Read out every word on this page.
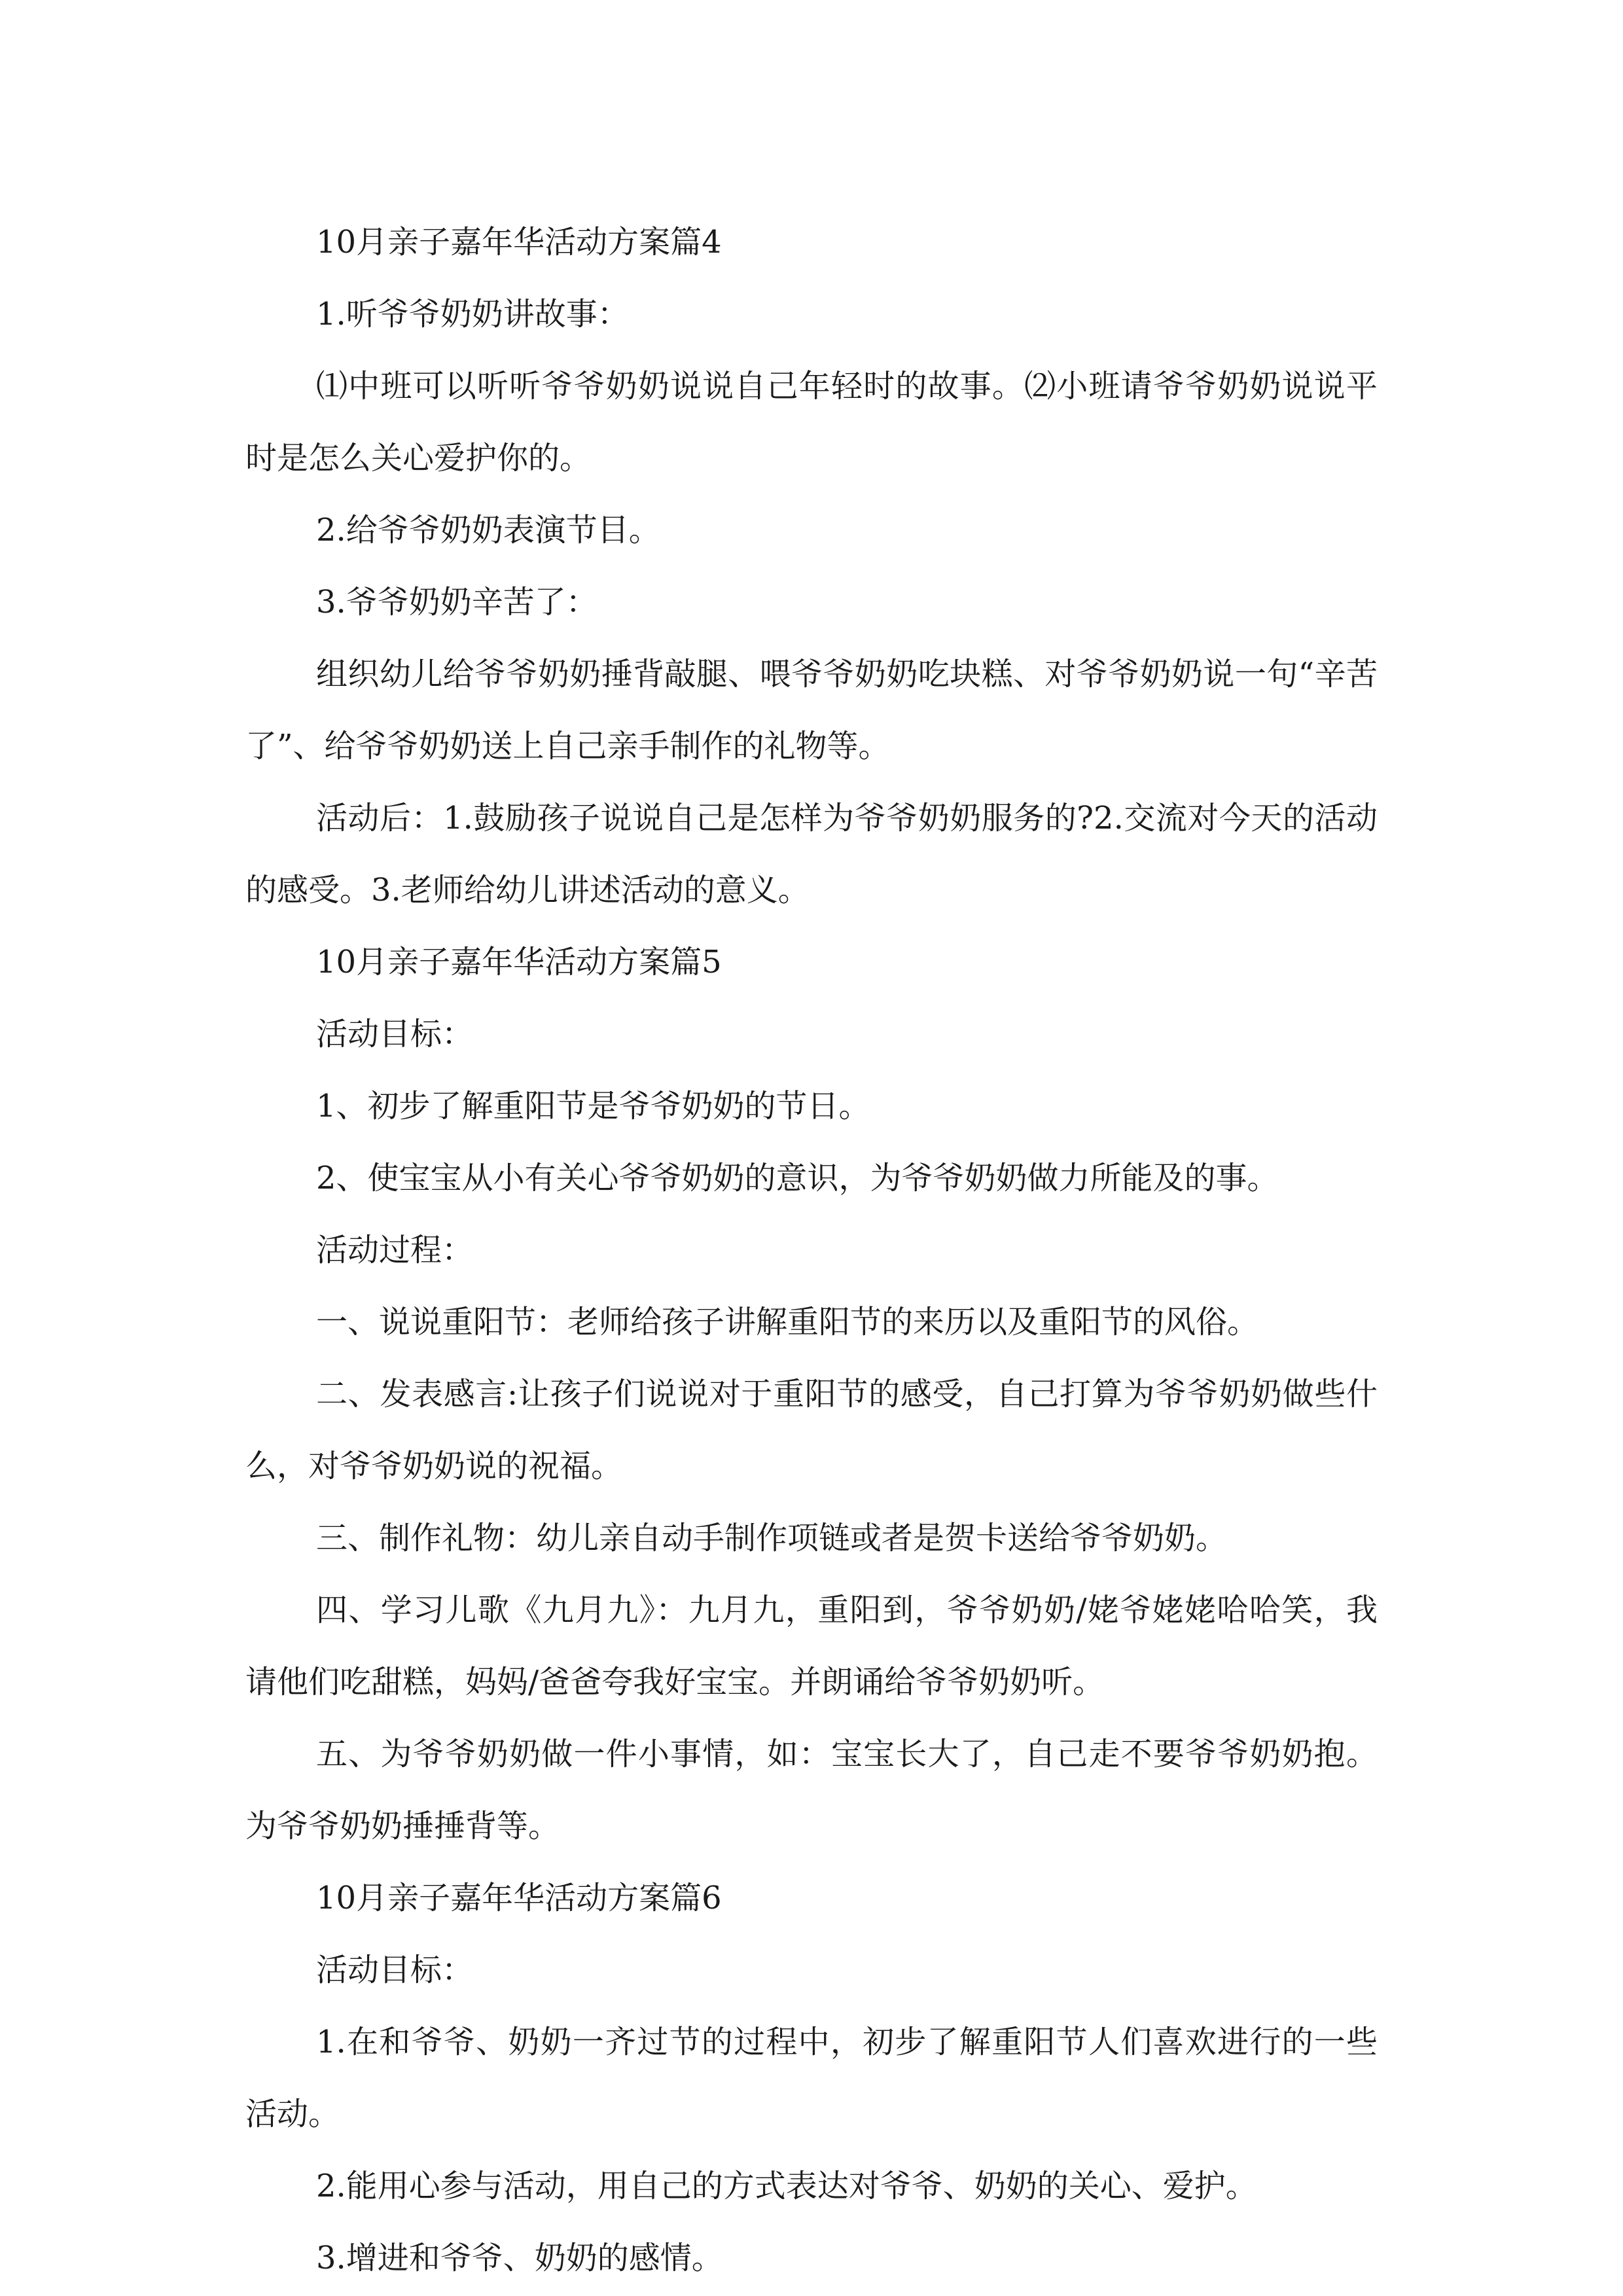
10月亲子嘉年华活动方案篇4

1.听爷爷奶奶讲故事：

⑴中班可以听听爷爷奶奶说说自己年轻时的故事。⑵小班请爷爷奶奶说说平时是怎么关心爱护你的。

2.给爷爷奶奶表演节目。

3.爷爷奶奶辛苦了：

组织幼儿给爷爷奶奶捶背敲腿、喂爷爷奶奶吃块糕、对爷爷奶奶说一句“辛苦了”、给爷爷奶奶送上自己亲手制作的礼物等。

活动后：1.鼓励孩子说说自己是怎样为爷爷奶奶服务的?2.交流对今天的活动的感受。3.老师给幼儿讲述活动的意义。

10月亲子嘉年华活动方案篇5

活动目标：

1、初步了解重阳节是爷爷奶奶的节日。

2、使宝宝从小有关心爷爷奶奶的意识，为爷爷奶奶做力所能及的事。

活动过程：

一、说说重阳节：老师给孩子讲解重阳节的来历以及重阳节的风俗。

二、发表感言:让孩子们说说对于重阳节的感受，自己打算为爷爷奶奶做些什么，对爷爷奶奶说的祝福。

三、制作礼物：幼儿亲自动手制作项链或者是贺卡送给爷爷奶奶。

四、学习儿歌《九月九》：九月九，重阳到，爷爷奶奶/姥爷姥姥哈哈笑，我请他们吃甜糕，妈妈/爸爸夸我好宝宝。并朗诵给爷爷奶奶听。

五、为爷爷奶奶做一件小事情，如：宝宝长大了，自己走不要爷爷奶奶抱。为爷爷奶奶捶捶背等。

10月亲子嘉年华活动方案篇6

活动目标：

1.在和爷爷、奶奶一齐过节的过程中，初步了解重阳节人们喜欢进行的一些活动。

2.能用心参与活动，用自己的方式表达对爷爷、奶奶的关心、爱护。

3.增进和爷爷、奶奶的感情。
